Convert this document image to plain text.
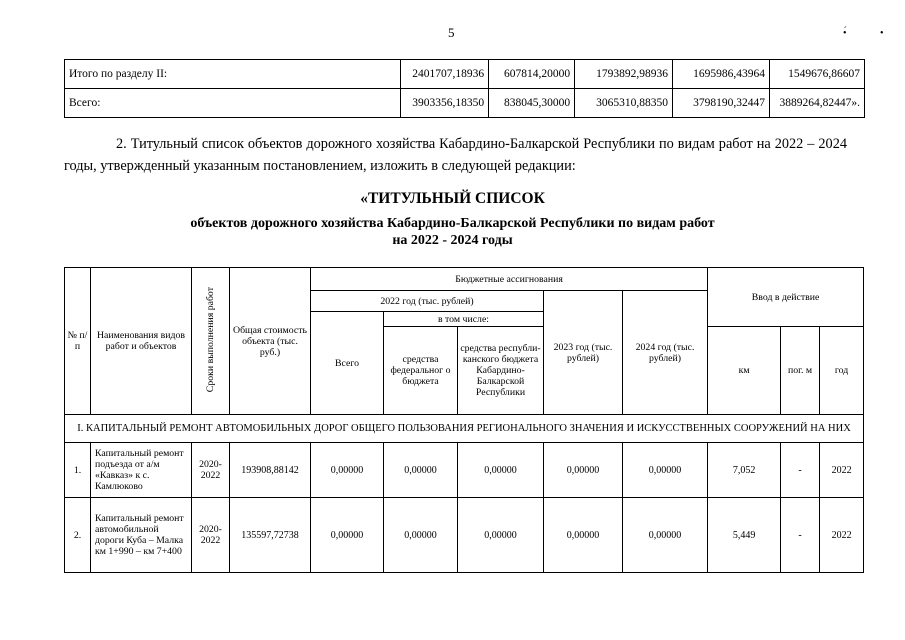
5	•́	•
Итого по разделу II:	2401707,18936	607814,20000	1793892,98936	1695986,43964	1549676,86607
Всего:	3903356,18350	838045,30000	3065310,88350	3798190,32447	3889264,82447».
2. Титульный список объектов дорожного хозяйства Кабардино-Балкарской Республики по видам работ на 2022 – 2024 годы, утвержденный указанным постановлением, изложить в следующей редакции:
«ТИТУЛЬНЫЙ СПИСОК
объектов дорожного хозяйства Кабардино-Балкарской Республики по видам работ
на 2022 - 2024 годы
№ п/п	Наименования видов работ и объектов	Сроки выполнения работ	Общая стоимость объекта (тыс. руб.)	Бюджетные ассигнования					Ввод в действие		
				2022 год (тыс. рублей)			2023 год (тыс. рублей)	2024 год (тыс. рублей)			
				Всего	в том числе:						
					средства федеральног о бюджета	средства республи-канского бюджета Кабардино-Балкарской Республики			км	пог. м	год
I. КАПИТАЛЬНЫЙ РЕМОНТ АВТОМОБИЛЬНЫХ ДОРОГ ОБЩЕГО ПОЛЬЗОВАНИЯ РЕГИОНАЛЬНОГО ЗНАЧЕНИЯ И ИСКУССТВЕННЫХ СООРУЖЕНИЙ НА НИХ											
1.	Капитальный ремонт подъезда от а/м «Кавказ» к с. Камлюково	2020-2022	193908,88142	0,00000	0,00000	0,00000	0,00000	0,00000	7,052	-	2022
2.	Капитальный ремонт автомобильной дороги Куба – Малка км 1+990 – км 7+400	2020-2022	135597,72738	0,00000	0,00000	0,00000	0,00000	0,00000	5,449	-	2022
